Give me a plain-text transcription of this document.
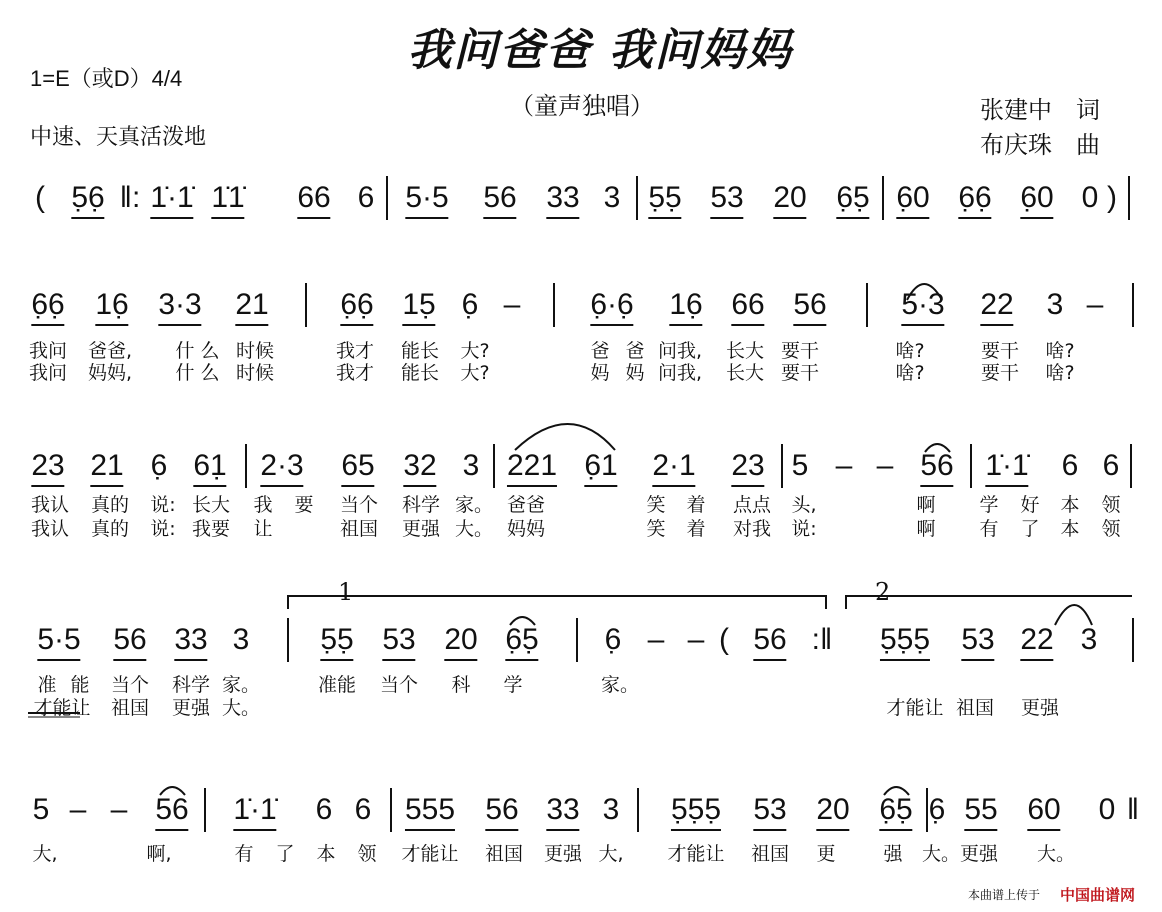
我问爸爸 我问妈妈
1=E（或D）4/4
（童声独唱）
中速、天真活泼地
张建中　词
布庆珠　曲
( 5̣6̣ ‖: 1̇·1̇ 1̇1̇ 66 6 5·5 56 33 3 5̣5̣ 53 20 6̣5̣ 6̣0 6̣6̣ 6̣0 0 )
6̣6̣ 16̣ 3·3 21 6̣6̣ 15̣ 6̣ – 6̣·6̣ 16̣ 66 56 5·3 22 3 –
我问 爸爸, 什 么 时候	我才 能长 大?	爸 爸 问我, 长大 要干	啥?	要干 啥?
我问 妈妈, 什 么 时候	我才 能长 大?	妈 妈 问我, 长大 要干	啥?	要干 啥?
23 21 6̣ 61̣ 2·3 65 32 3 221 6̣1 2·1 23 5 – – 56 1̇·1̇ 6 6
我认 真的 说: 长大 我 要 当个 科学 家。 爸爸	笑 着 点点 头,	啊 学 好 本 领
我认 真的 说: 我要 让	祖国 更强 大。 妈妈	笑 着 对我 说:	啊 有 了 本 领
5·5 56 33 3 5̣5̣ 53 20 6̣5̣ 6̣ – – ( 56 :‖ 5̣5̣5̣ 53 22 3
准 能 当个 科学 家。	准能 当个 科 学	家。
才能让 祖国 更强 大。	才能让 祖国 更强
1	2
5 – – 56 1̇·1̇ 6 6 555 56 33 3 5̣5̣5̣ 53 20 6̣5̣ 6̣ 55 60 0 ‖
大,	啊,	有 了 本 领 才能让 祖国 更强 大, 才能让 祖国 更	强 大。更强 大。
本曲谱上传于 中国曲谱网
